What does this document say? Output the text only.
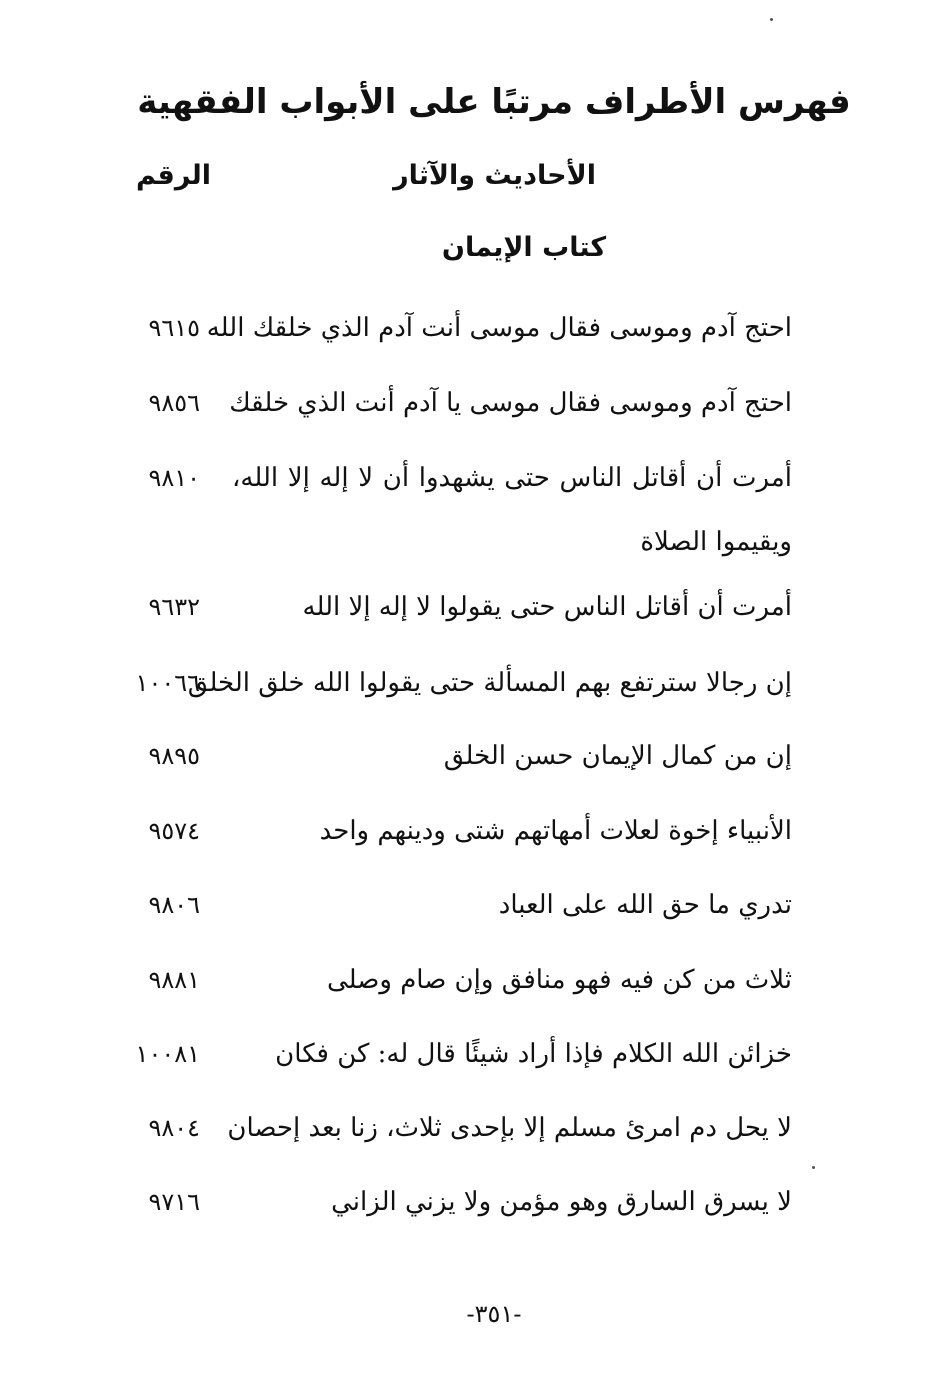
فهرس الأطراف مرتبًا على الأبواب الفقهية
الأحاديث والآثار
الرقم
كتاب الإيمان
احتج آدم وموسى فقال موسى أنت آدم الذي خلقك الله
٩٦١٥
احتج آدم وموسى فقال موسى يا آدم أنت الذي خلقك
٩٨٥٦
أمرت أن أقاتل الناس حتى يشهدوا أن لا إله إلا الله، ويقيموا الصلاة
٩٨١٠
أمرت أن أقاتل الناس حتى يقولوا لا إله إلا الله
٩٦٣٢
إن رجالا سترتفع بهم المسألة حتى يقولوا الله خلق الخلق
١٠٠٦٦
إن من كمال الإيمان حسن الخلق
٩٨٩٥
الأنبياء إخوة لعلات أمهاتهم شتى ودينهم واحد
٩٥٧٤
تدري ما حق الله على العباد
٩٨٠٦
ثلاث من كن فيه فهو منافق وإن صام وصلى
٩٨٨١
خزائن الله الكلام فإذا أراد شيئًا قال له: كن فكان
١٠٠٨١
لا يحل دم امرئ مسلم إلا بإحدى ثلاث، زنا بعد إحصان
٩٨٠٤
لا يسرق السارق وهو مؤمن ولا يزني الزاني
٩٧١٦
-٣٥١-
